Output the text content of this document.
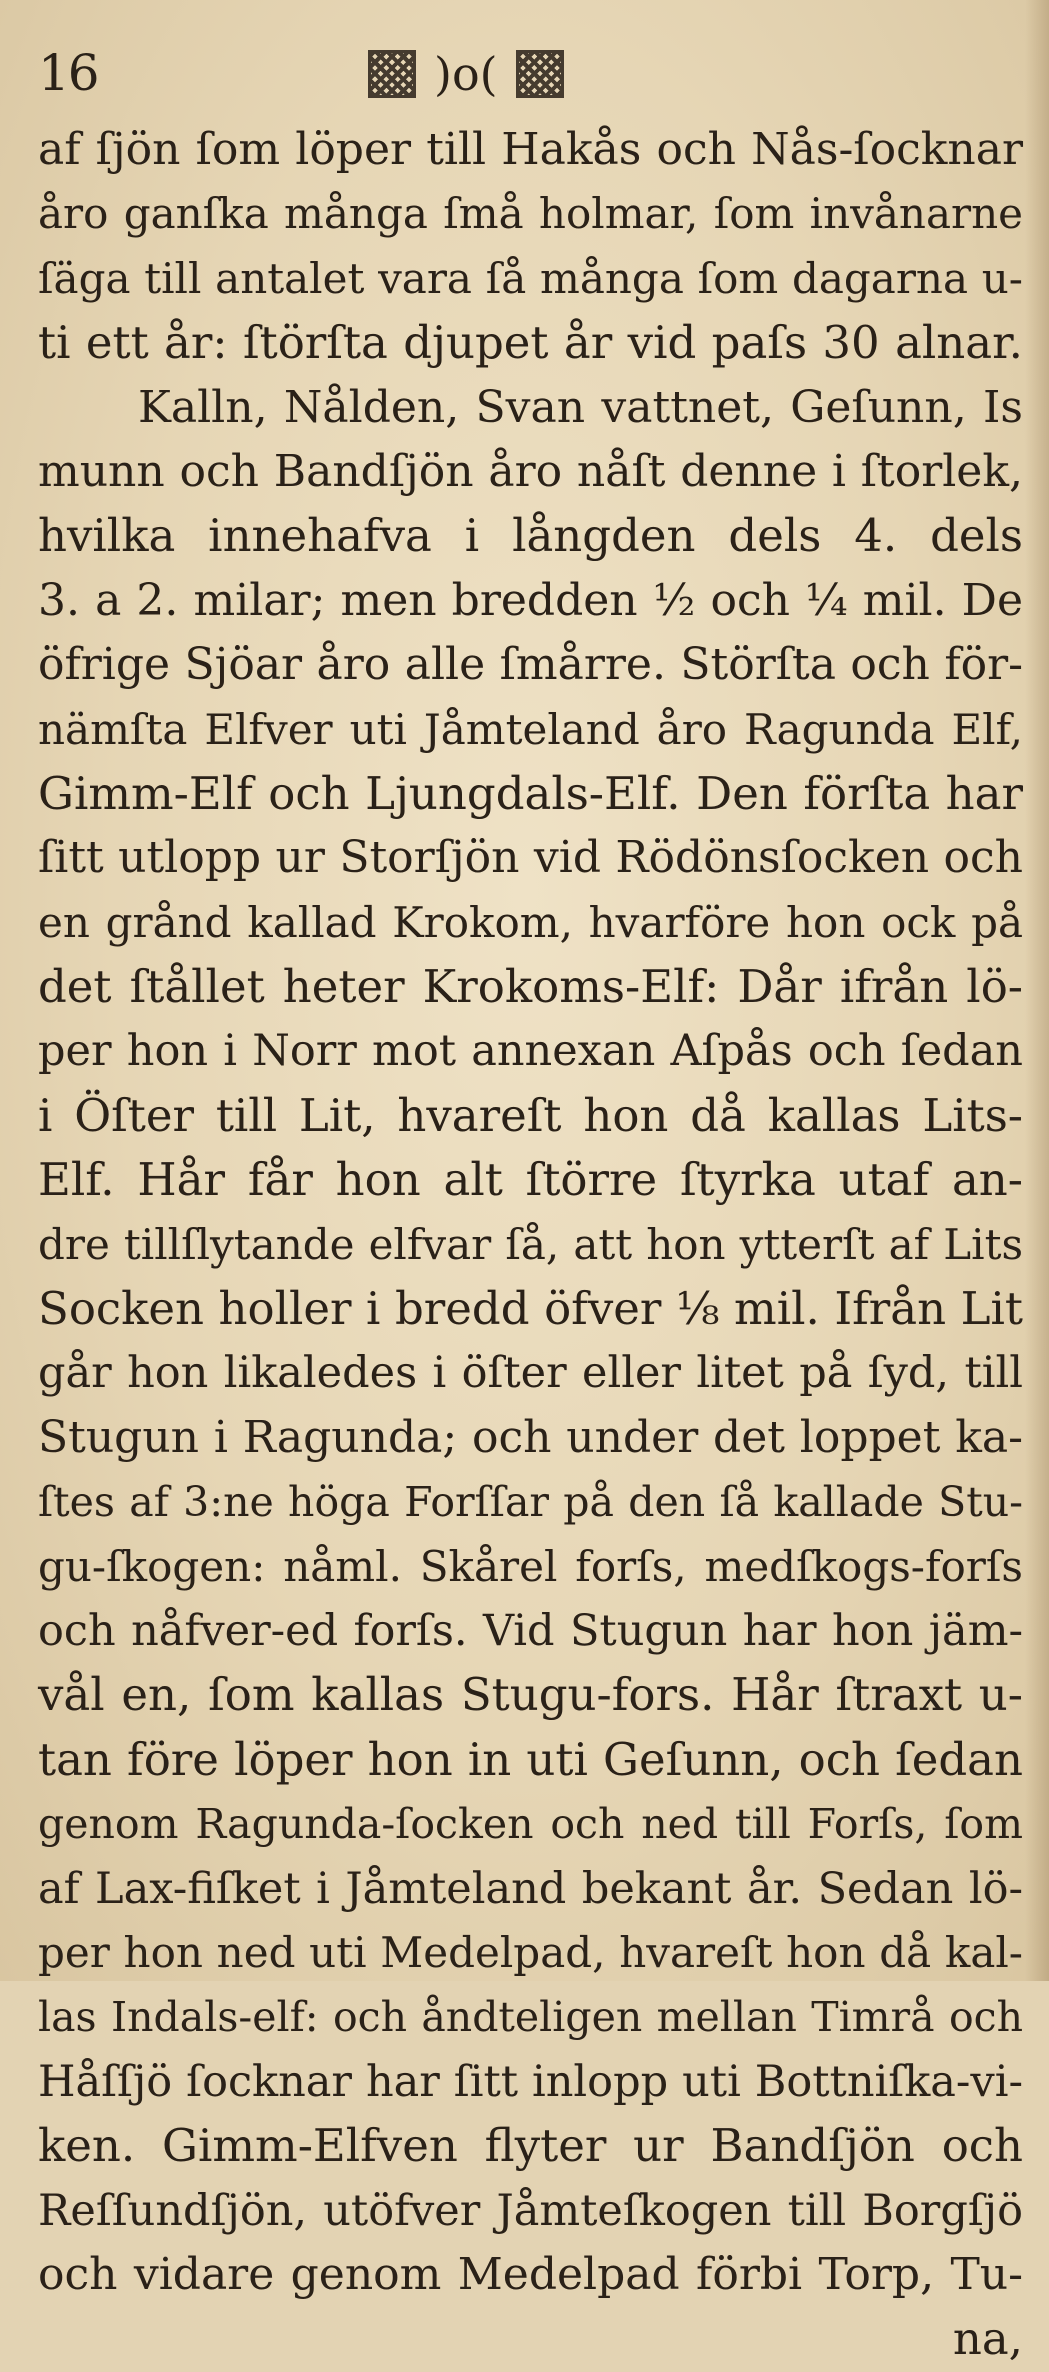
16	)o(
af ſjön ſom löper till Hakås och Nås-ſocknar
åro ganſka många ſmå holmar, ſom invånarne
ſäga till antalet vara ſå många ſom dagarna u-
ti ett år: ſtörſta djupet år vid paſs 30 alnar.
Kalln, Nålden, Svan vattnet, Geſunn, Is
munn och Bandſjön åro nåſt denne i ſtorlek,
hvilka innehafva i långden dels 4. dels
3. a 2. milar; men bredden ½ och ¼ mil. De
öfrige Sjöar åro alle ſmårre. Störſta och för-
nämſta Elfver uti Jåmteland åro Ragunda Elf,
Gimm-Elf och Ljungdals-Elf. Den förſta har
ſitt utlopp ur Storſjön vid Rödönsſocken och
en grånd kallad Krokom, hvarföre hon ock på
det ſtållet heter Krokoms-Elf: Dår ifrån lö-
per hon i Norr mot annexan Aſpås och ſedan
i Öſter till Lit, hvareſt hon då kallas Lits-
Elf. Hår får hon alt ſtörre ſtyrka utaf an-
dre tillſlytande elfvar ſå, att hon ytterſt af Lits
Socken holler i bredd öfver ⅛ mil. Ifrån Lit
går hon likaledes i öſter eller litet på ſyd, till
Stugun i Ragunda; och under det loppet ka-
ſtes af 3:ne höga Forſſar på den ſå kallade Stu-
gu-ſkogen: nåml. Skårel forſs, medſkogs-forſs
och nåfver-ed forſs. Vid Stugun har hon jäm-
vål en, ſom kallas Stugu-fors. Hår ſtraxt u-
tan före löper hon in uti Geſunn, och ſedan
genom Ragunda-ſocken och ned till Forſs, ſom
af Lax-fiſket i Jåmteland bekant år. Sedan lö-
per hon ned uti Medelpad, hvareſt hon då kal-
las Indals-elf: och åndteligen mellan Timrå och
Håſſjö ſocknar har ſitt inlopp uti Bottniſka-vi-
ken. Gimm-Elfven flyter ur Bandſjön och
Reſſundſjön, utöfver Jåmteſkogen till Borgſjö
och vidare genom Medelpad förbi Torp, Tu-
na,
